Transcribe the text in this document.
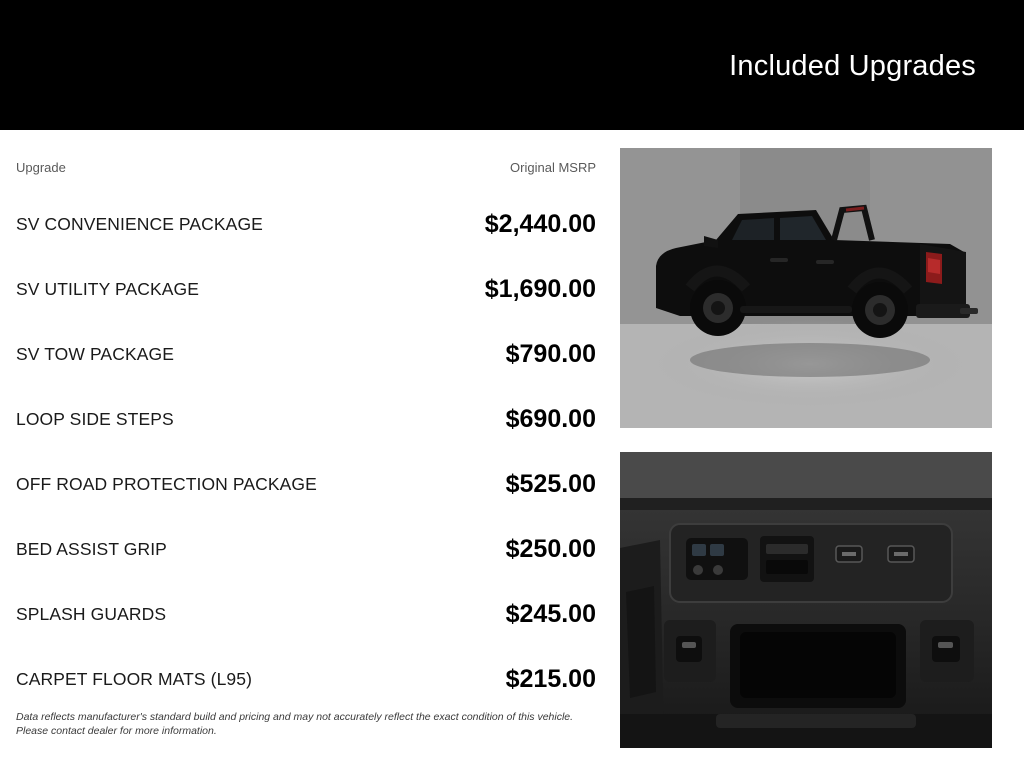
Included Upgrades
Upgrade	Original MSRP
SV CONVENIENCE PACKAGE	$2,440.00
SV UTILITY PACKAGE	$1,690.00
SV TOW PACKAGE	$790.00
LOOP SIDE STEPS	$690.00
OFF ROAD PROTECTION PACKAGE	$525.00
BED ASSIST GRIP	$250.00
SPLASH GUARDS	$245.00
CARPET FLOOR MATS (L95)	$215.00
Data reflects manufacturer's standard build and pricing and may not accurately reflect the exact condition of this vehicle.
Please contact dealer for more information.
